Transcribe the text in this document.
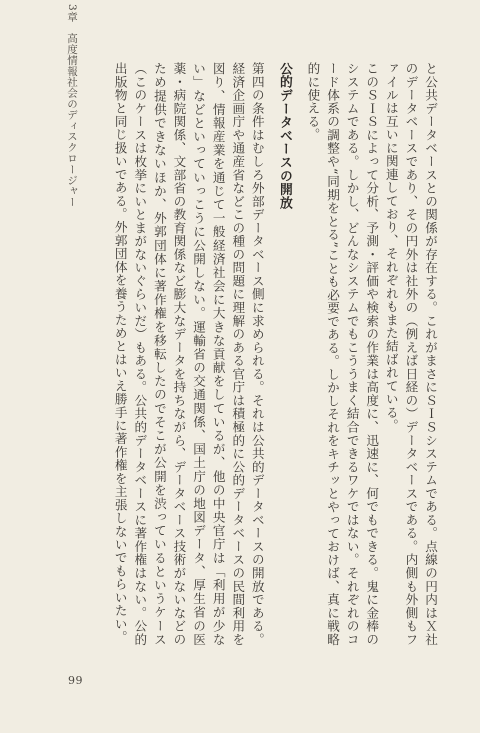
3章　高度情報社会のディスクロージャー	と公共データベースとの関係が存在する。これがまさにＳＩＳシステムである。点線の円内はＸ社のデータベースであり、その円外は社外の（例えば日経の）データベースである。内側も外側もファイルは互いに関連しており、それぞれもまた結ばれている。

このＳＩＳによって分析、予測・評価や検索の作業は高度に、迅速に、何でもできる。鬼に金棒のシステムである。しかし、どんなシステムでもこううまく結合できるワケではない。それぞれのコード体系の調整や“同期をとる”ことも必要である。しかしそれをキチッとやっておけば、真に戦略的に使える。

公的データベースの開放

第四の条件はむしろ外部データベース側に求められる。それは公共的データベースの開放である。経済企画庁や通産省などこの種の問題に理解のある官庁は積極的に公的データベースの民間利用を図り、情報産業を通じて一般経済社会に大きな貢献をしているが、他の中央官庁は「利用が少ない」などといっていっこうに公開しない。運輸省の交通関係、国土庁の地図データ、厚生省の医薬・病院関係、文部省の教育関係など膨大なデータを持ちながら、データベース技術がないなどのため提供できないほか、外郭団体に著作権を移転したのでそこが公開を渋っているというケース（このケースは枚挙にいとまがないぐらいだ）もある。公共的データベースに著作権はない。公的出版物と同じ扱いである。外郭団体を養うためとはいえ勝手に著作権を主張しないでもらいたい。

99
